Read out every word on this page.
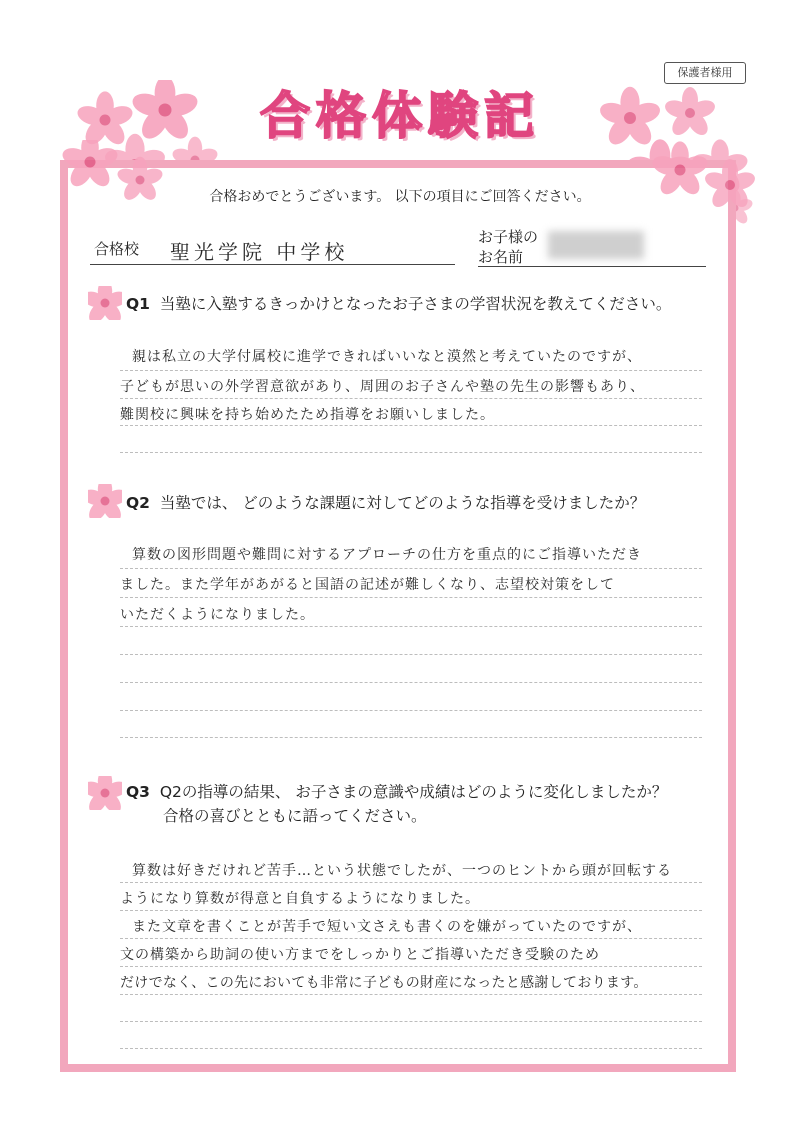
保護者様用
合格体験記
合格おめでとうございます。 以下の項目にご回答ください。
合格校 聖光学院 中学校
お子様の
お名前
Q1 当塾に入塾するきっかけとなったお子さまの学習状況を教えてください。
親は私立の大学付属校に進学できればいいなと漠然と考えていたのですが、
子どもが思いの外学習意欲があり、周囲のお子さんや塾の先生の影響もあり、
難関校に興味を持ち始めたため指導をお願いしました。
Q2 当塾では、 どのような課題に対してどのような指導を受けましたか？
算数の図形問題や難問に対するアプローチの仕方を重点的にご指導いただき
ました。また学年があがると国語の記述が難しくなり、志望校対策をして
いただくようになりました。
Q3 Q2の指導の結果、 お子さまの意識や成績はどのように変化しましたか？
合格の喜びとともに語ってください。
算数は好きだけれど苦手…という状態でしたが、一つのヒントから頭が回転する
ようになり算数が得意と自負するようになりました。
また文章を書くことが苦手で短い文さえも書くのを嫌がっていたのですが、
文の構築から助詞の使い方までをしっかりとご指導いただき受験のため
だけでなく、この先においても非常に子どもの財産になったと感謝しております。
